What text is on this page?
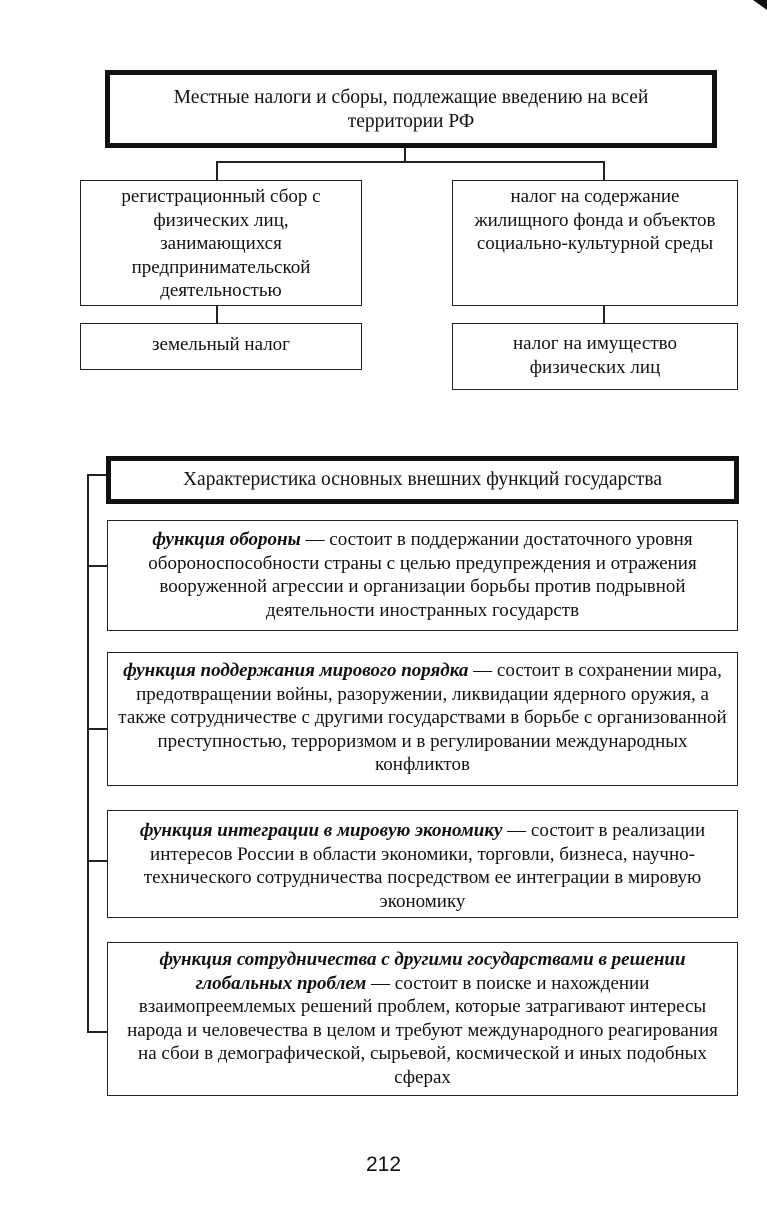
Местные налоги и сборы, подлежащие введению на всей территории РФ
регистрационный сбор с физических лиц, занимающихся предпринимательской деятельностью
земельный налог
налог на содержание жилищного фонда и объектов социально-культурной среды
налог на имущество физических лиц
Характеристика основных внешних функций государства
функция обороны — состоит в поддержании достаточного уровня обороноспособности страны с целью предупреждения и отражения вооруженной агрессии и организации борьбы против подрывной деятельности иностранных государств
функция поддержания мирового порядка — состоит в сохранении мира, предотвращении войны, разоружении, ликвидации ядерного оружия, а также сотрудничестве с другими государствами в борьбе с организованной преступностью, терроризмом и в регулировании международных конфликтов
функция интеграции в мировую экономику — состоит в реализации интересов России в области экономики, торговли, бизнеса, научно-технического сотрудничества посредством ее интеграции в мировую экономику
функция сотрудничества с другими государствами в решении глобальных проблем — состоит в поиске и нахождении взаимопреемлемых решений проблем, которые затрагивают интересы народа и человечества в целом и требуют международного реагирования на сбои в демографической, сырьевой, космической и иных подобных сферах
212
